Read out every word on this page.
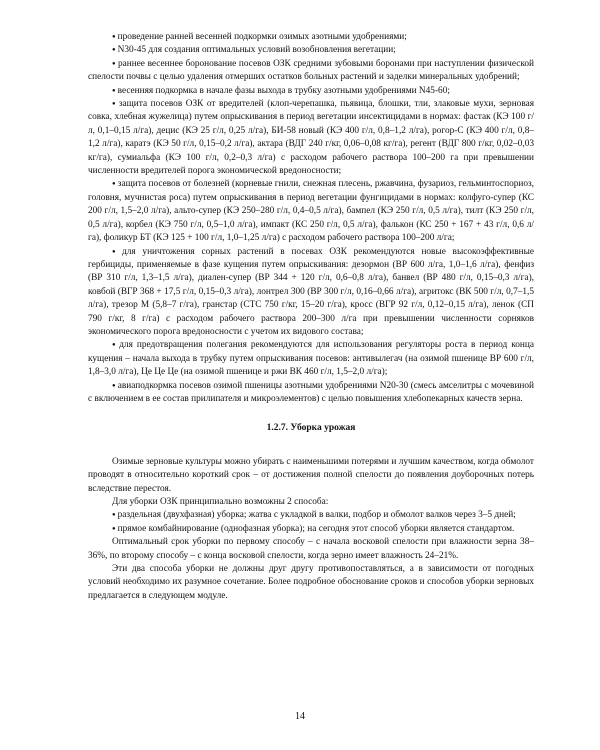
● проведение ранней весенней подкормки озимых азотными удобрениями;
● N30-45 для создания оптимальных условий возобновления вегетации;
● раннее весеннее боронование посевов ОЗК средними зубовыми боронами при наступлении физической спелости почвы с целью удаления отмерших остатков больных растений и заделки минеральных удобрений;
● весенняя подкормка в начале фазы выхода в трубку азотными удобрениями N45-60;
● защита посевов ОЗК от вредителей (клоп-черепашка, пьявица, блошки, тли, злаковые мухи, зерновая совка, хлебная жужелица) путем опрыскивания в период вегетации инсектицидами в нормах: фастак (КЭ 100 г/л, 0,1–0,15 л/га), децис (КЭ 25 г/л, 0,25 л/га), БИ-58 новый (КЭ 400 г/л, 0,8–1,2 л/га), рогор-С (КЭ 400 г/л, 0,8–1,2 л/га), каратэ (КЭ 50 г/л, 0,15–0,2 л/га), актара (ВДГ 240 г/кг, 0,06–0,08 кг/га), регент (ВДГ 800 г/кг, 0,02–0,03 кг/га), сумиальфа (КЭ 100 г/л, 0,2–0,3 л/га) с расходом рабочего раствора 100–200 га при превышении численности вредителей порога экономической вредоносности;
● защита посевов от болезней (корневые гнили, снежная плесень, ржавчина, фузариоз, гельминтоспориоз, головня, мучнистая роса) путем опрыскивания в период вегетации фунгицидами в нормах: колфуго-супер (КС 200 г/л, 1,5–2,0 л/га), альто-супер (КЭ 250–280 г/л, 0,4–0,5 л/га), бампел (КЭ 250 г/л, 0,5 л/га), тилт (КЭ 250 г/л, 0,5 л/га), корбел (КЭ 750 г/л, 0,5–1,0 л/га), импакт (КС 250 г/л, 0,5 л/га), фалькон (КС 250 + 167 + 43 г/л, 0,6 л/га), фоликур БТ (КЭ 125 + 100 г/л, 1,0–1,25 л/га) с расходом рабочего раствора 100–200 л/га;
● для уничтожения сорных растений в посевах ОЗК рекомендуются новые высокоэффективные гербициды, применяемые в фазе кущения путем опрыскивания: дезормон (ВР 600 л/га, 1,0–1,6 л/га), фенфиз (ВР 310 г/л, 1,3–1,5 л/га), диален-супер (ВР 344 + 120 г/л, 0,6–0,8 л/га), банвел (ВР 480 г/л, 0,15–0,3 л/га), ковбой (ВГР 368 + 17,5 г/л, 0,15–0,3 л/га), лонтрел 300 (ВР 300 г/л, 0,16–0,66 л/га), агритокс (ВК 500 г/л, 0,7–1,5 л/га), трезор М (5,8–7 г/га), гранстар (СТС 750 г/кг, 15–20 г/га), кросс (ВГР 92 г/л, 0,12–0,15 л/га), ленок (СП 790 г/кг, 8 г/га) с расходом рабочего раствора 200–300 л/га при превышении численности сорняков экономического порога вредоносности с учетом их видового состава;
● для предотвращения полегания рекомендуются для использования регуляторы роста в период конца кущения – начала выхода в трубку путем опрыскивания посевов: антивылегач (на озимой пшенице ВР 600 г/л, 1,8–3,0 л/га), Це Це Це (на озимой пшенице и ржи ВК 460 г/л, 1,5–2,0 л/га);
● авиаподкормка посевов озимой пшеницы азотными удобрениями N20-30 (смесь амселитры с мочевиной с включением в ее состав прилипателя и микроэлементов) с целью повышения хлебопекарных качеств зерна.
1.2.7. Уборка урожая
Озимые зерновые культуры можно убирать с наименьшими потерями и лучшим качеством, когда обмолот проводят в относительно короткий срок – от достижения полной спелости до появления доуборочных потерь вследствие перестоя.
Для уборки ОЗК принципиально возможны 2 способа:
● раздельная (двухфазная) уборка; жатва с укладкой в валки, подбор и обмолот валков через 3–5 дней;
● прямое комбайнирование (однофазная уборка); на сегодня этот способ уборки является стандартом.
Оптимальный срок уборки по первому способу – с начала восковой спелости при влажности зерна 38–36%, по второму способу – с конца восковой спелости, когда зерно имеет влажность 24–21%.
Эти два способа уборки не должны друг другу противопоставляться, а в зависимости от погодных условий необходимо их разумное сочетание. Более подробное обоснование сроков и способов уборки зерновых предлагается в следующем модуле.
14
